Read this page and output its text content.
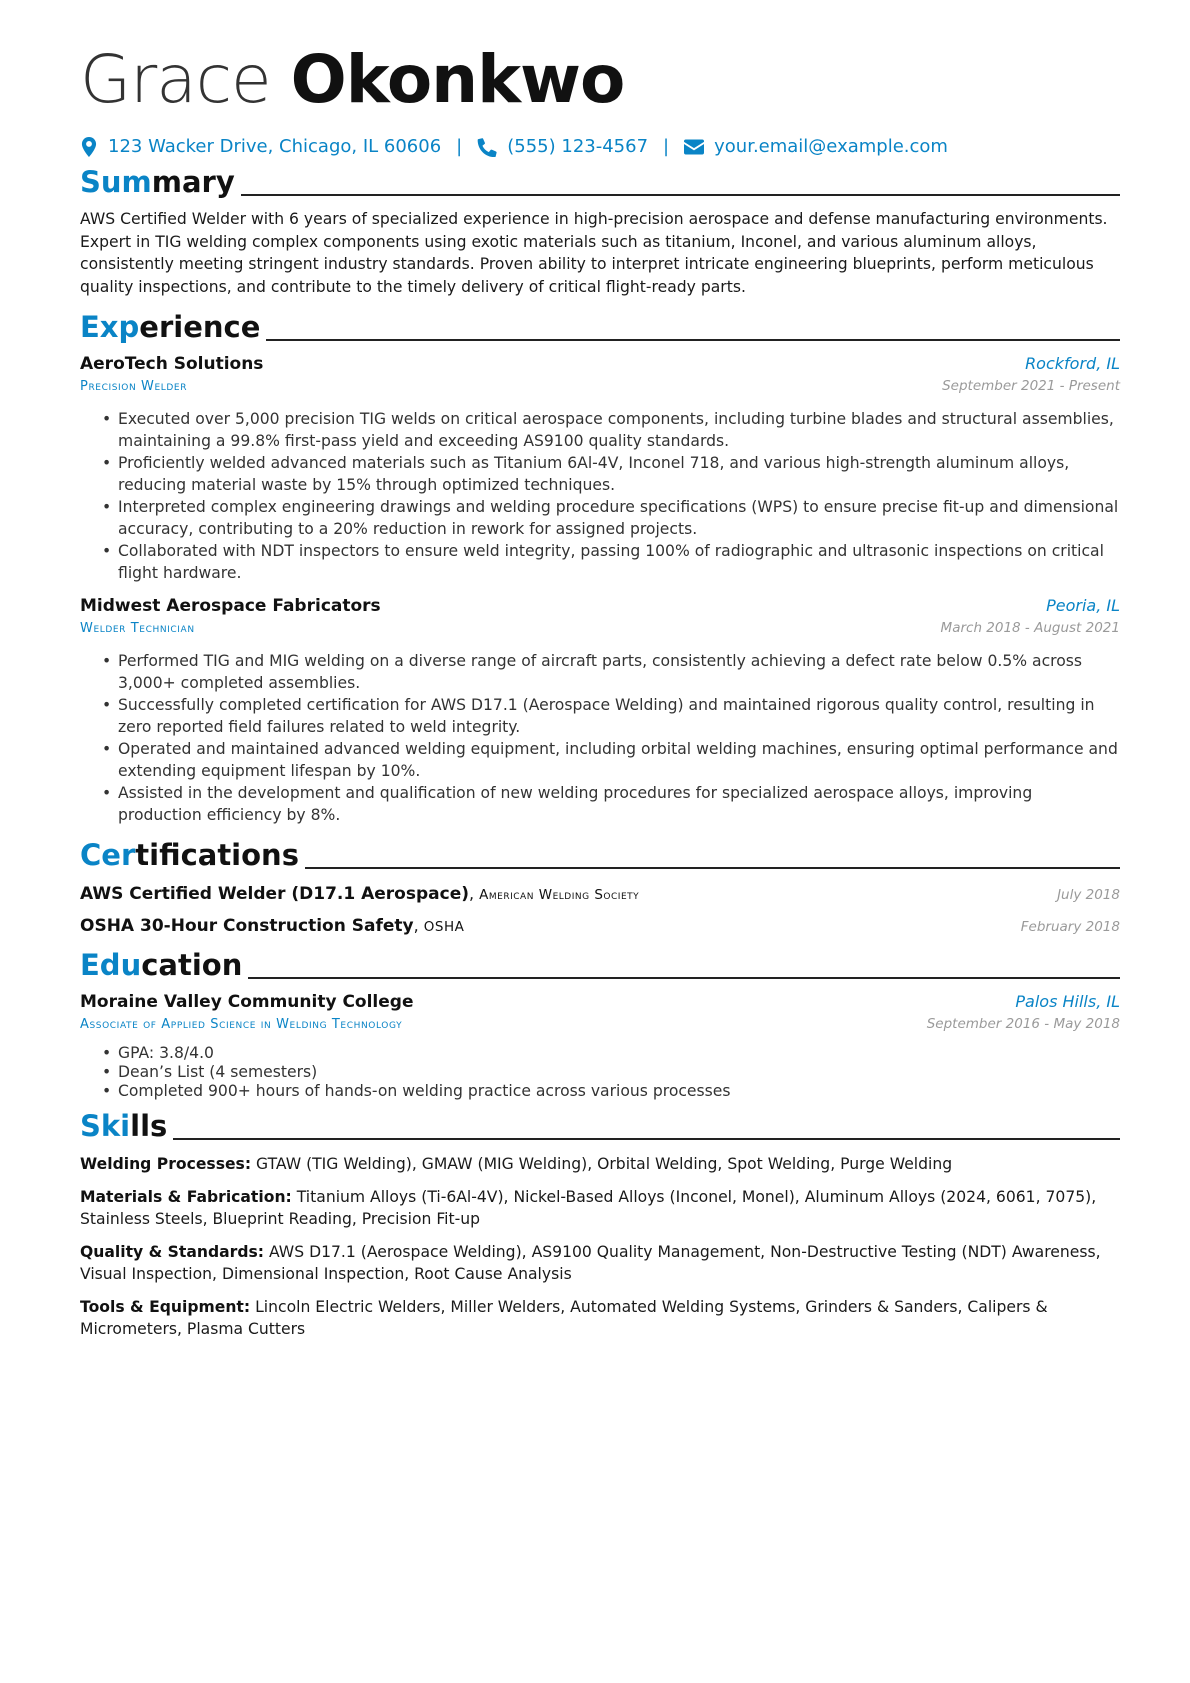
Grace Okonkwo
123 Wacker Drive, Chicago, IL 60606 |	(555) 123-4567 |	your.email@example.com
Sum mary
AWS Certified Welder with 6 years of specialized experience in high-precision aerospace and defense manufacturing environments. Expert in TIG welding complex components using exotic materials such as titanium, Inconel, and various aluminum alloys, consistently meeting stringent industry standards. Proven ability to interpret intricate engineering blueprints, perform meticulous quality inspections, and contribute to the timely delivery of critical flight-ready parts.
Exp erience
AeroTech Solutions	Rockford, IL
Precision Welder	September 2021 - Present
• Executed over 5,000 precision TIG welds on critical aerospace components, including turbine blades and structural assemblies, maintaining a 99.8% first-pass yield and exceeding AS9100 quality standards.
• Proficiently welded advanced materials such as Titanium 6Al-4V, Inconel 718, and various high-strength aluminum alloys, reducing material waste by 15% through optimized techniques.
• Interpreted complex engineering drawings and welding procedure specifications (WPS) to ensure precise fit-up and dimensional accuracy, contributing to a 20% reduction in rework for assigned projects.
• Collaborated with NDT inspectors to ensure weld integrity, passing 100% of radiographic and ultrasonic inspections on critical flight hardware.
Midwest Aerospace Fabricators	Peoria, IL
Welder Technician	March 2018 - August 2021
• Performed TIG and MIG welding on a diverse range of aircraft parts, consistently achieving a defect rate below 0.5% across 3,000+ completed assemblies.
• Successfully completed certification for AWS D17.1 (Aerospace Welding) and maintained rigorous quality control, resulting in zero reported field failures related to weld integrity.
• Operated and maintained advanced welding equipment, including orbital welding machines, ensuring optimal performance and extending equipment lifespan by 10%.
• Assisted in the development and qualification of new welding procedures for specialized aerospace alloys, improving production efficiency by 8%.
Cer tifications
AWS Certified Welder (D17.1 Aerospace), American Welding Society	July 2018
OSHA 30-Hour Construction Safety, OSHA	February 2018
Edu cation
Moraine Valley Community College	Palos Hills, IL
Associate of Applied Science in Welding Technology	September 2016 - May 2018
• GPA: 3.8/4.0
• Dean’s List (4 semesters)
• Completed 900+ hours of hands-on welding practice across various processes
Ski lls
Welding Processes: GTAW (TIG Welding), GMAW (MIG Welding), Orbital Welding, Spot Welding, Purge Welding
Materials & Fabrication: Titanium Alloys (Ti-6Al-4V), Nickel-Based Alloys (Inconel, Monel), Aluminum Alloys (2024, 6061, 7075), Stainless Steels, Blueprint Reading, Precision Fit-up
Quality & Standards: AWS D17.1 (Aerospace Welding), AS9100 Quality Management, Non-Destructive Testing (NDT) Awareness, Visual Inspection, Dimensional Inspection, Root Cause Analysis
Tools & Equipment: Lincoln Electric Welders, Miller Welders, Automated Welding Systems, Grinders & Sanders, Calipers & Micrometers, Plasma Cutters
